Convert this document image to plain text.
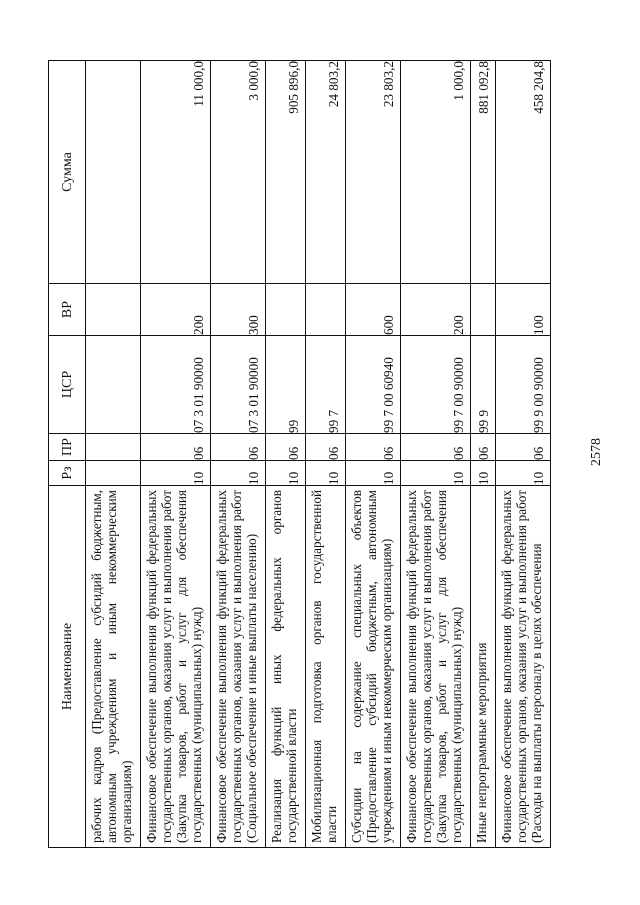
2578
Наименование	Рз	ПР	ЦСР	ВР	Сумма
рабочих кадров (Предоставление субсидий бюджетным, автономным учреждениям и иным некоммерческим организациям)					
Финансовое обеспечение выполнения функций федеральных государственных органов, оказания услуг и выполнения работ (Закупка товаров, работ и услуг для обеспечения государственных (муниципальных) нужд)	10	06	07 3 01 90000	200	11 000,0
Финансовое обеспечение выполнения функций федеральных государственных органов, оказания услуг и выполнения работ (Социальное обеспечение и иные выплаты населению)	10	06	07 3 01 90000	300	3 000,0
Реализация функций иных федеральных органов государственной власти	10	06	99		905 896,0
Мобилизационная подготовка органов государственной власти	10	06	99 7		24 803,2
Субсидии на содержание специальных объектов (Предоставление субсидий бюджетным, автономным учреждениям и иным некоммерческим организациям)	10	06	99 7 00 60940	600	23 803,2
Финансовое обеспечение выполнения функций федеральных государственных органов, оказания услуг и выполнения работ (Закупка товаров, работ и услуг для обеспечения государственных (муниципальных) нужд)	10	06	99 7 00 90000	200	1 000,0
Иные непрограммные мероприятия	10	06	99 9		881 092,8
Финансовое обеспечение выполнения функций федеральных государственных органов, оказания услуг и выполнения работ (Расходы на выплаты персоналу в целях обеспечения	10	06	99 9 00 90000	100	458 204,8
